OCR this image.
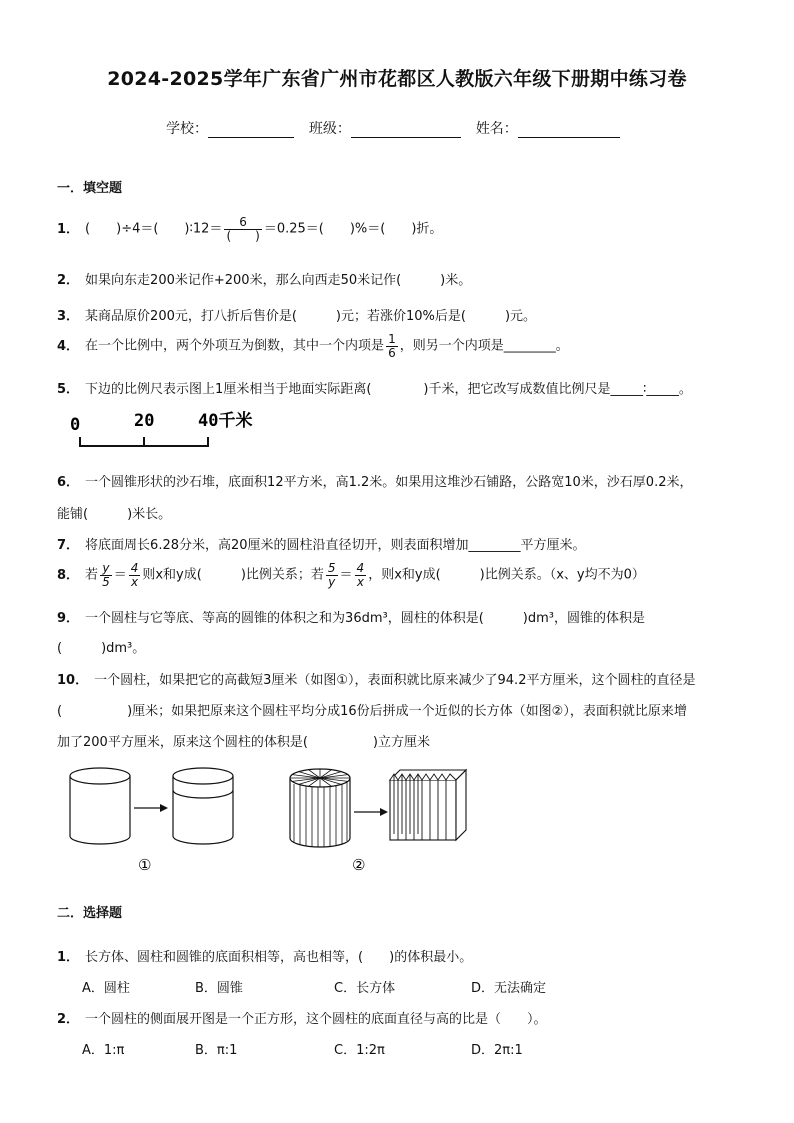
2024-2025学年广东省广州市花都区人教版六年级下册期中练习卷
学校：	班级：	姓名：
一．填空题
1． (　　)÷4＝(　　)∶12＝ $\frac{6}{( )} =0.25=$(　　)%＝(　　)折。
2． 如果向东走200米记作+200米，那么向西走50米记作(　　　)米。
3． 某商品原价200元，打八折后售价是(　　　)元；若涨价10%后是(　　　)元。
4． 在一个比例中，两个外项互为倒数，其中一个内项是 $\frac{1}{6}$ ，则另一个内项是________。
5． 下边的比例尺表示图上1厘米相当于地面实际距离(　　　　)千米，把它改写成数值比例尺是_____∶_____。
0	20	40千米
6． 一个圆锥形状的沙石堆，底面积12平方米，高1.2米。如果用这堆沙石铺路，公路宽10米，沙石厚0.2米，
能铺(　　　)米长。
7． 将底面周长6.28分米，高20厘米的圆柱沿直径切开，则表面积增加________平方厘米。
8． 若 $\frac{y}{5} = \frac{4}{x}$ 则x和y成(　　　)比例关系；若 $\frac{5}{y} = \frac{4}{x}$ ，则x和y成(　　　)比例关系。（x、y均不为0）
9． 一个圆柱与它等底、等高的圆锥的体积之和为36dm³，圆柱的体积是(　　　)dm³，圆锥的体积是
(　　　)dm³。
10． 一个圆柱，如果把它的高截短3厘米（如图①），表面积就比原来减少了94.2平方厘米，这个圆柱的直径是
(　　　　　)厘米；如果把原来这个圆柱平均分成16份后拼成一个近似的长方体（如图②），表面积就比原来增
加了200平方厘米，原来这个圆柱的体积是(　　　　　)立方厘米
①	②
二．选择题
1． 长方体、圆柱和圆锥的底面积相等，高也相等，(　　)的体积最小。
A．圆柱	B．圆锥	C．长方体	D．无法确定
2． 一个圆柱的侧面展开图是一个正方形，这个圆柱的底面直径与高的比是（　　）。
A．1:π	B．π:1	C．1:2π	D．2π:1
